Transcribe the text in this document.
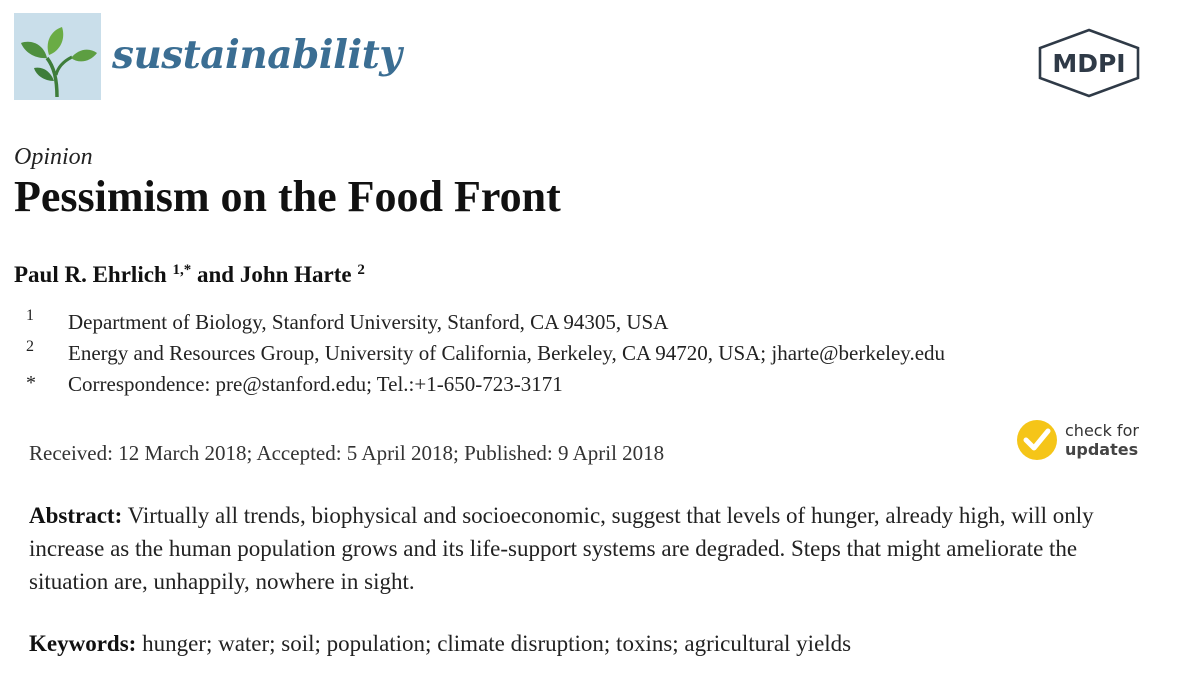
sustainability	MDPI
Opinion
Pessimism on the Food Front
Paul R. Ehrlich $^{1,*}$ and John Harte $^2$
1 Department of Biology, Stanford University, Stanford, CA 94305, USA
2 Energy and Resources Group, University of California, Berkeley, CA 94720, USA; jharte@berkeley.edu
* Correspondence: pre@stanford.edu; Tel.:+1-650-723-3171
Received: 12 March 2018; Accepted: 5 April 2018; Published: 9 April 2018
check for
updates
Abstract: Virtually all trends, biophysical and socioeconomic, suggest that levels of hunger, already high, will only increase as the human population grows and its life-support systems are degraded. Steps that might ameliorate the situation are, unhappily, nowhere in sight.
Keywords: hunger; water; soil; population; climate disruption; toxins; agricultural yields
